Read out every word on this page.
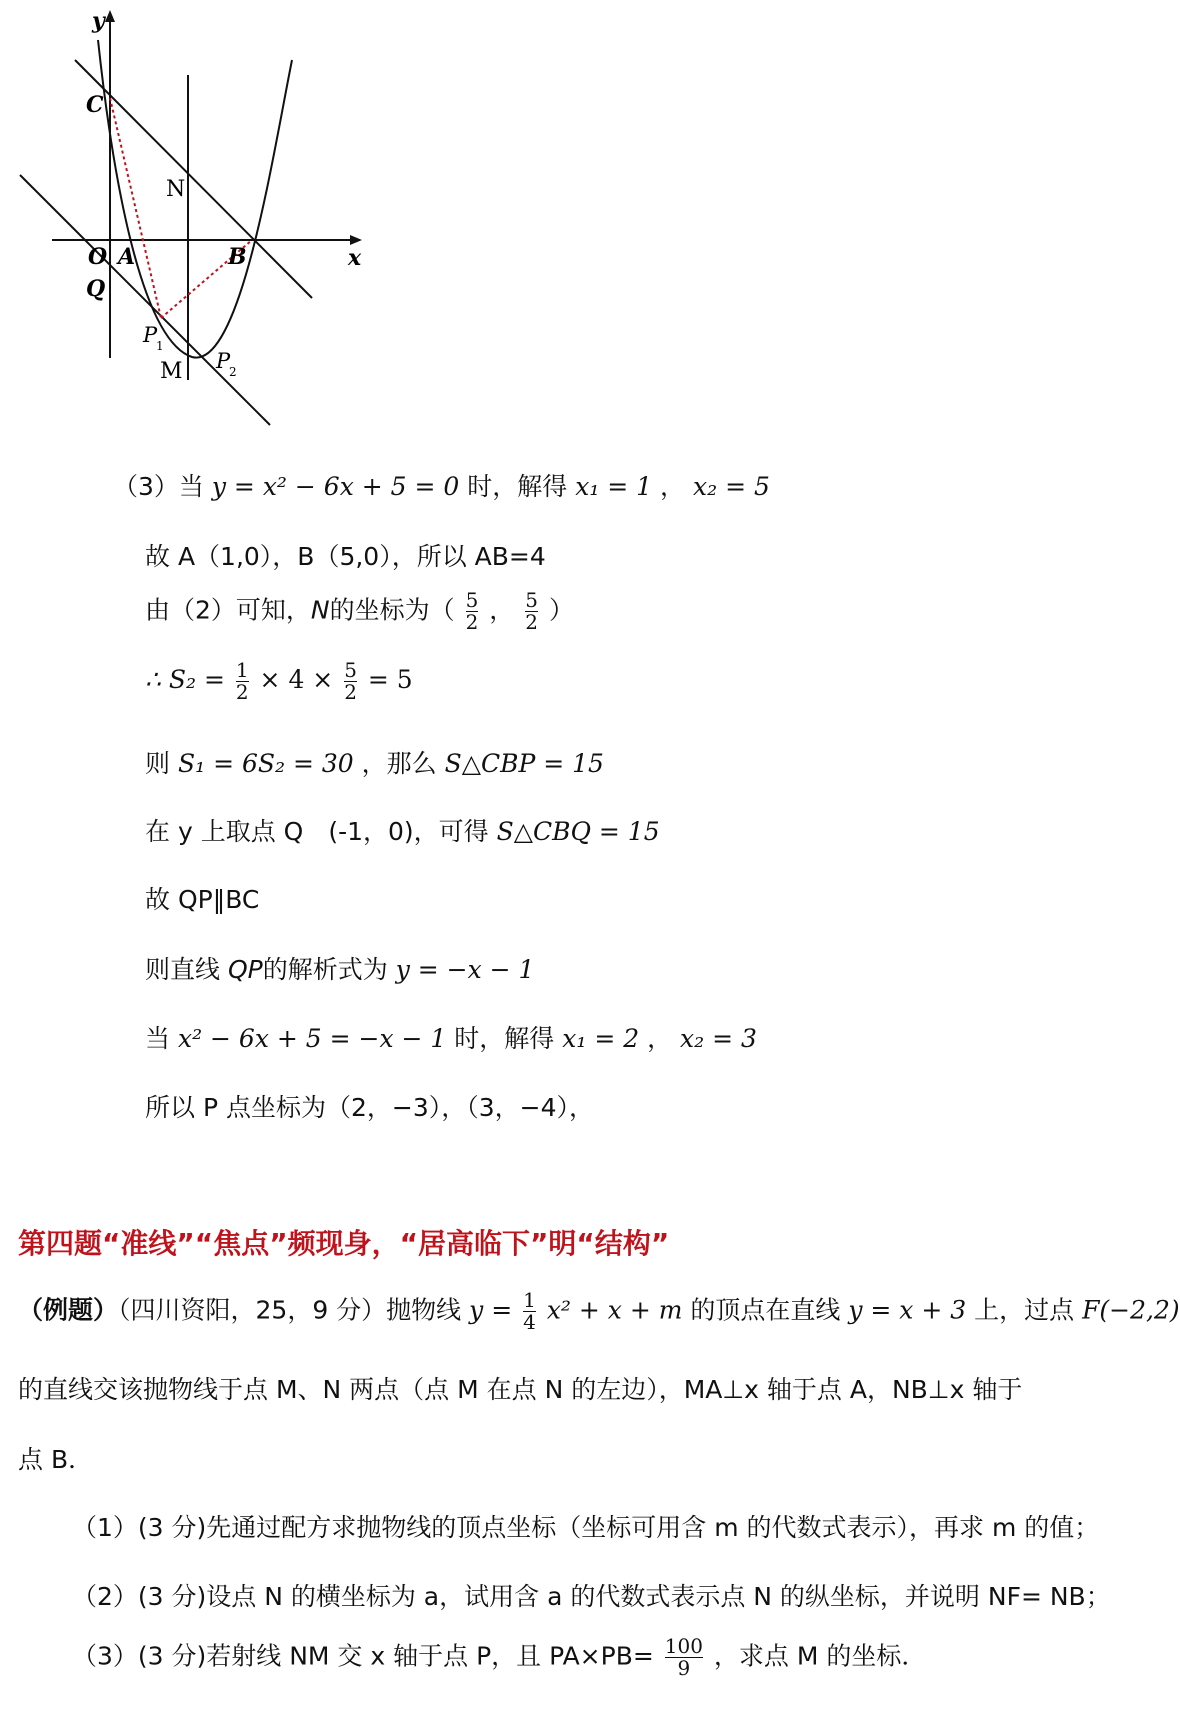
y
x
C
N
O A	B
Q
P
1
M P
2
（3）当 y = x² − 6x + 5 = 0 时，解得 x₁ = 1 ， x₂ = 5
故 A（1,0），B（5,0），所以 AB=4
由（2）可知，N的坐标为（ $\frac{5}{2}$ ， $\frac{5}{2}$ ）
∴ $S_2 = \frac{1}{2} \times 4 \times \frac{5}{2} = 5$
则 S₁ = 6S₂ = 30 ，那么 S△CBP = 15
在 y 上取点 Q　(-1，0)，可得 S△CBQ = 15
故 QP‖BC
则直线 QP的解析式为 y = −x − 1
当 x² − 6x + 5 = −x − 1 时，解得 x₁ = 2 ， x₂ = 3
所以 P 点坐标为（2，−3），（3，−4），
第四题“准线”“焦点”频现身，“居高临下”明“结构”
（例题）（四川资阳，25，9 分）抛物线 $y = \frac{1}{4} x^2 + x + m$ 的顶点在直线 y = x + 3 上，过点 F(−2,2)
的直线交该抛物线于点 M、N 两点（点 M 在点 N 的左边），MA⊥x 轴于点 A，NB⊥x 轴于
点 B．
（1）(3 分)先通过配方求抛物线的顶点坐标（坐标可用含 m 的代数式表示），再求 m 的值；
（2）(3 分)设点 N 的横坐标为 a，试用含 a 的代数式表示点 N 的纵坐标，并说明 NF= NB；
（3）(3 分)若射线 NM 交 x 轴于点 P，且 $PA\times PB= \frac{100}{9}$ ，求点 M 的坐标．
